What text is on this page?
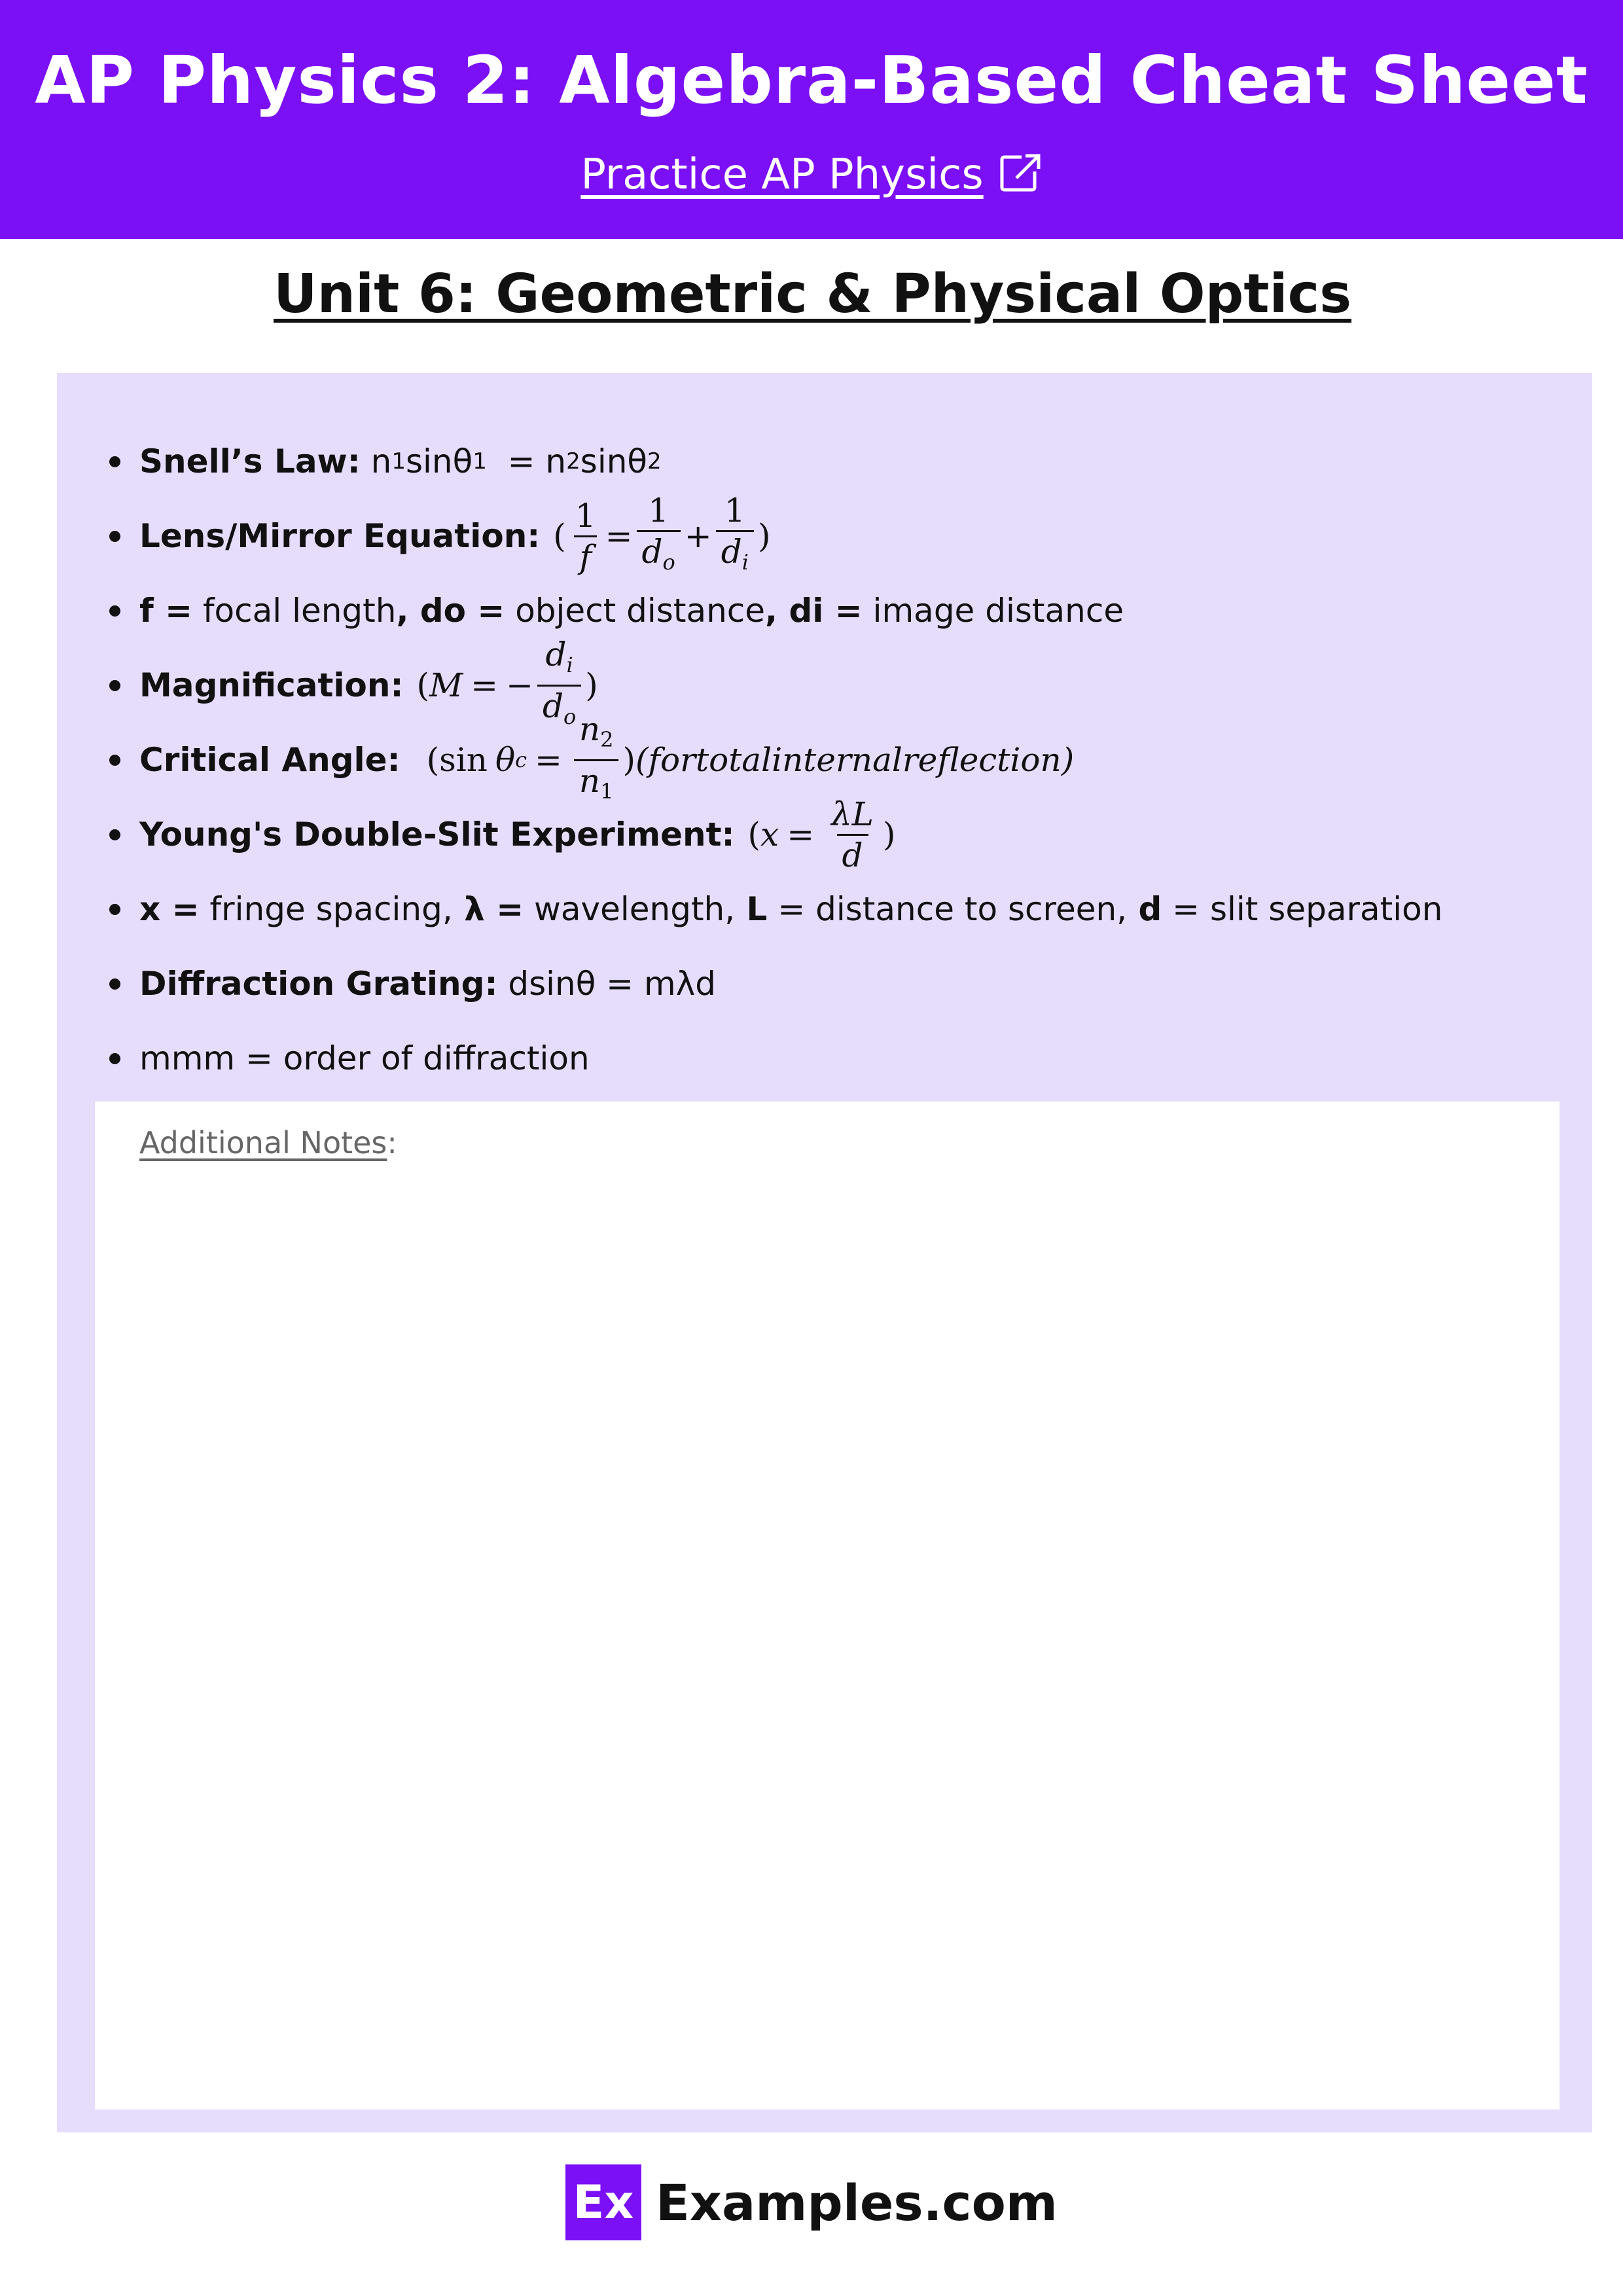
AP Physics 2: Algebra-Based Cheat Sheet
Practice AP Physics
Unit 6: Geometric & Physical Optics
Snell’s Law: n 1 sinθ 1 = n 2 sinθ 2
Lens/Mirror Equation: ( $\frac{1}{f} = \frac{1}{d_o} + \frac{1}{d_i}$ )
f = focal length , do = object distance , di = image distance
Magnification: ( M = − $\frac{d_i}{d_o}$ )
Critical Angle: ( sin θ $c = \frac{n_2}{n_1}$ ) (fortotalinternalreflection)
Young's Double-Slit Experiment: ( $x = \frac{\lambda L}{d}$ )
x = fringe spacing, λ = wavelength, L = distance to screen, d = slit separation
Diffraction Grating: dsinθ = mλd
mmm = order of diffraction
Additional Notes:
Ex Examples.com
